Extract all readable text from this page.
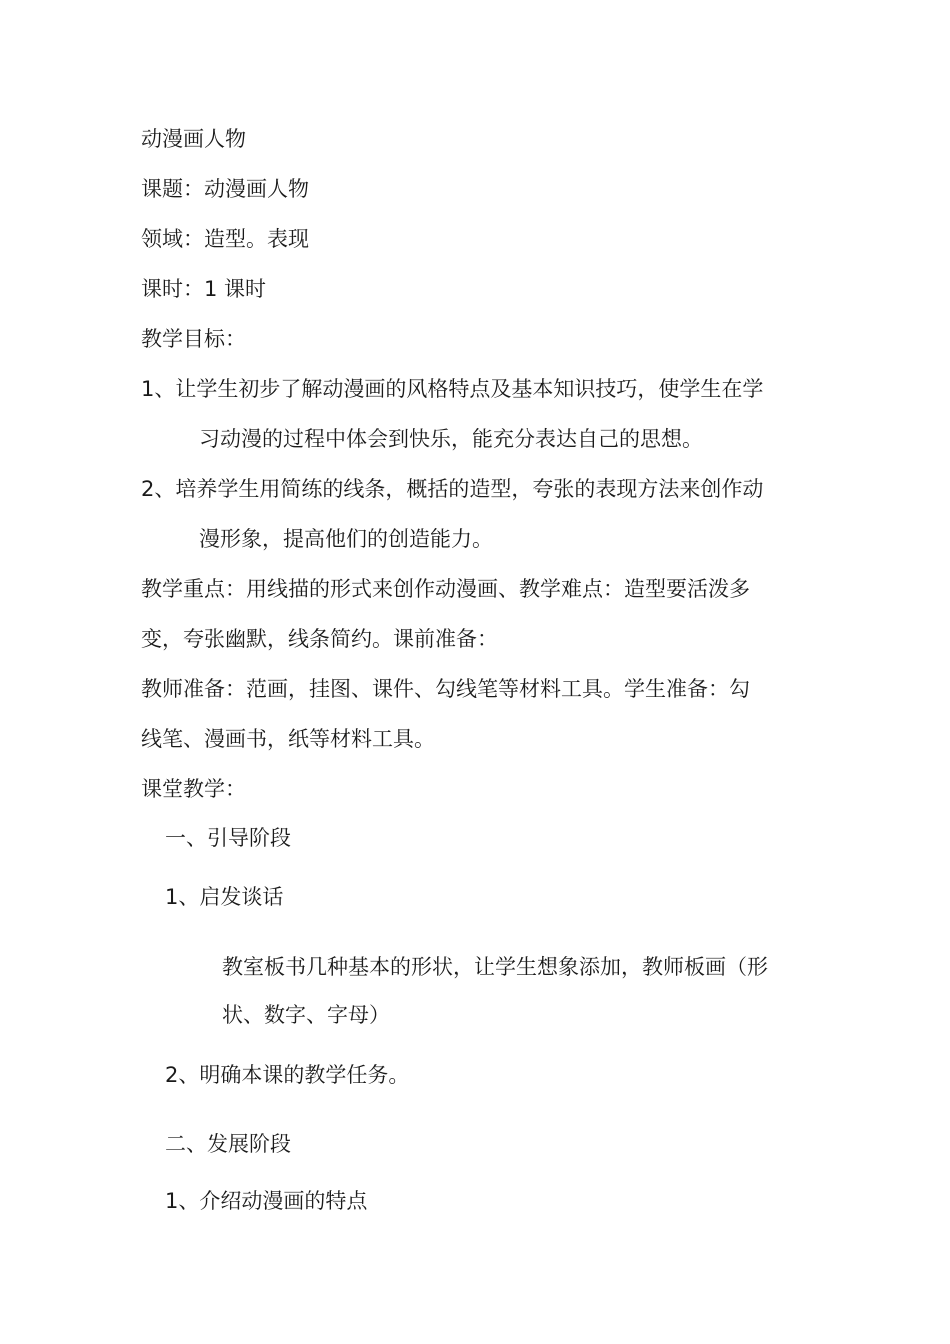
动漫画人物
课题：动漫画人物
领域：造型。表现
课时：1 课时
教学目标：
1、让学生初步了解动漫画的风格特点及基本知识技巧，使学生在学
习动漫的过程中体会到快乐，能充分表达自己的思想。
2、培养学生用简练的线条，概括的造型，夸张的表现方法来创作动
漫形象，提高他们的创造能力。
教学重点：用线描的形式来创作动漫画、教学难点：造型要活泼多
变，夸张幽默，线条简约。课前准备：
教师准备：范画，挂图、课件、勾线笔等材料工具。学生准备：勾
线笔、漫画书，纸等材料工具。
课堂教学：
一、引导阶段
1、启发谈话
教室板书几种基本的形状，让学生想象添加，教师板画（形
状、数字、字母）
2、明确本课的教学任务。
二、发展阶段
1、介绍动漫画的特点
